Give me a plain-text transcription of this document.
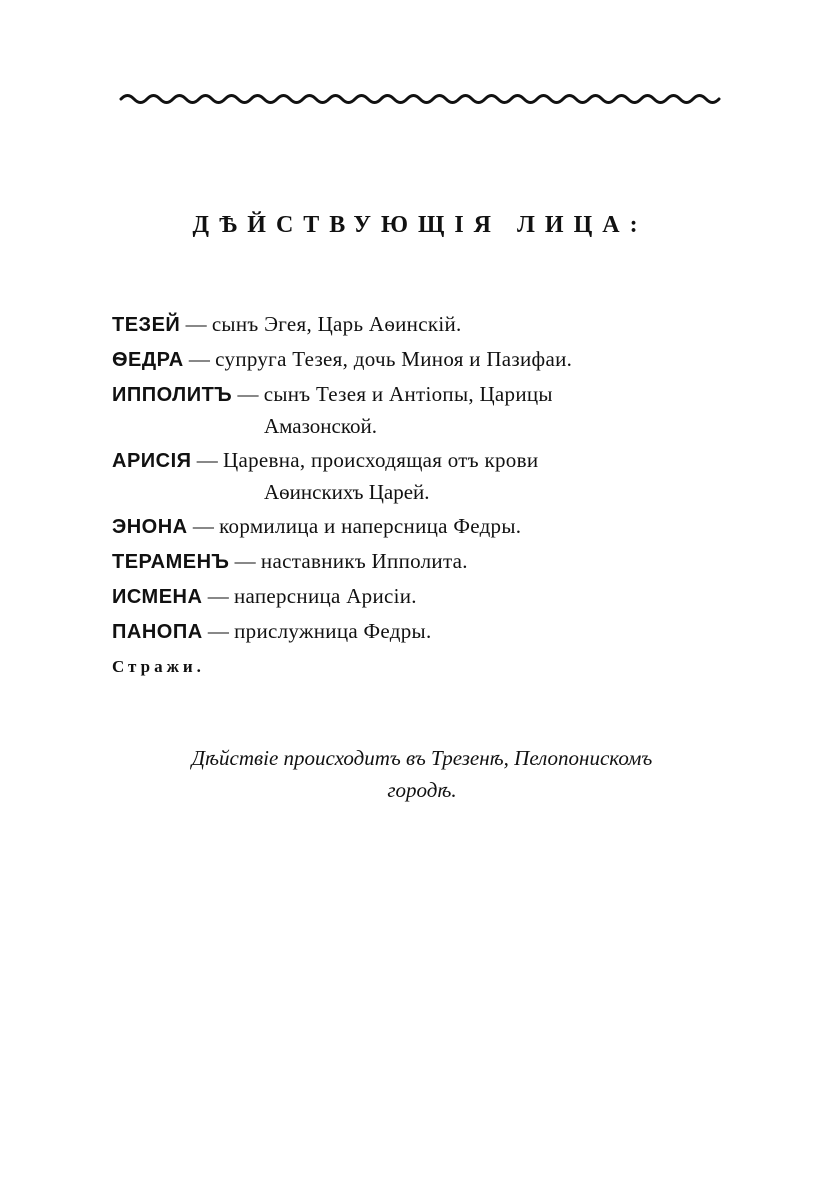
ДѢЙСТВУЮЩІЯ ЛИЦА:
ТЕЗЕЙ — сынъ Эгея, Царь Аѳинскій.
ѲЕДРА — супруга Тезея, дочь Миноя и Пазифаи.
ИППОЛИТЪ — сынъ Тезея и Антіопы, Царицы
Амазонской.
АРИСІЯ — Царевна, происходящая отъ крови
Аѳинскихъ Царей.
ЭНОНА — кормилица и наперсница Федры.
ТЕРАМЕНЪ — наставникъ Ипполита.
ИСМЕНА — наперсница Арисіи.
ПАНОПА — прислужница Федры.
Стражи.
Дѣйствіе происходитъ въ Трезенѣ, Пелопонискомъ
городѣ.
